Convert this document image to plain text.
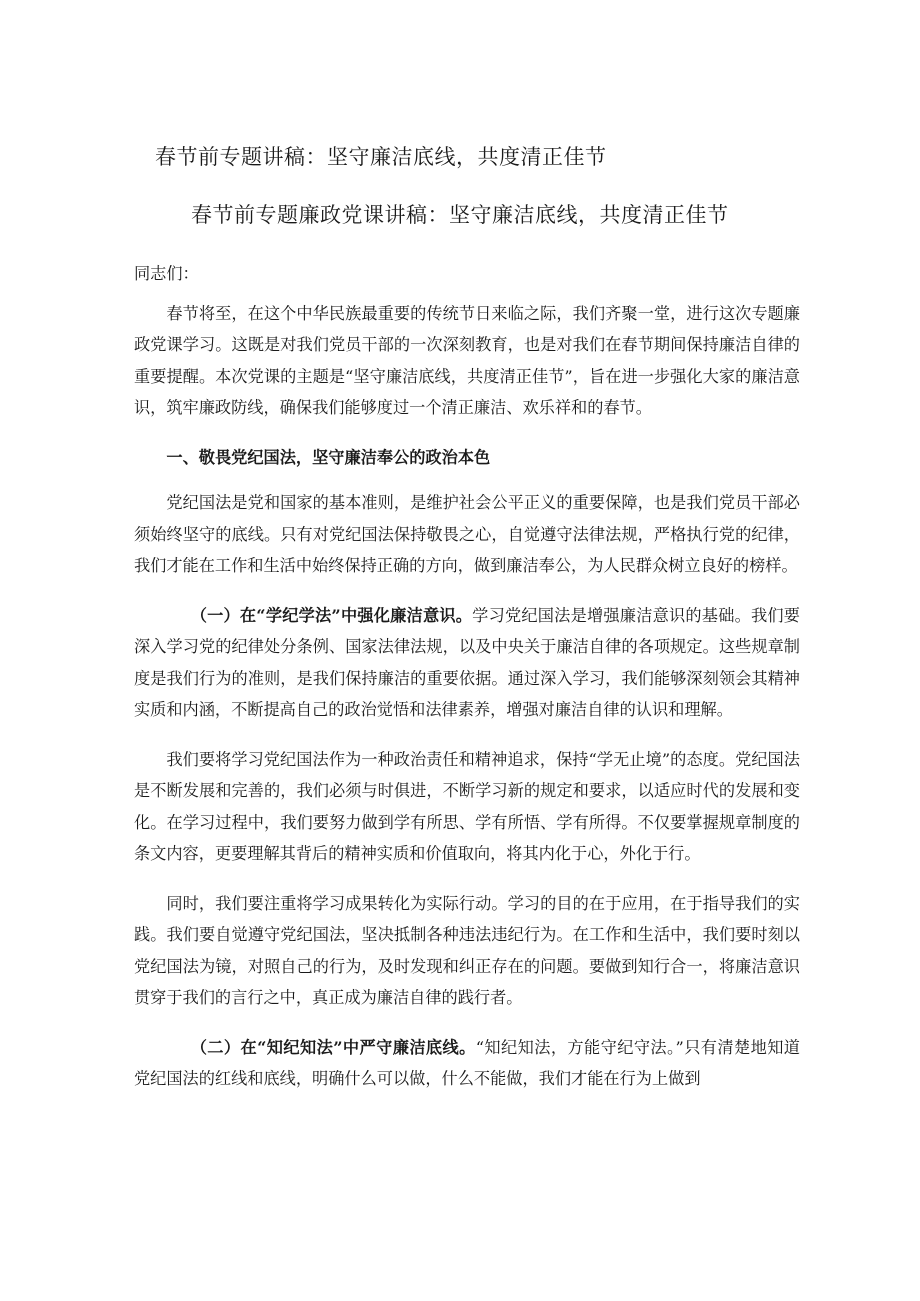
春节前专题讲稿：坚守廉洁底线，共度清正佳节
春节前专题廉政党课讲稿：坚守廉洁底线，共度清正佳节

同志们：

春节将至，在这个中华民族最重要的传统节日来临之际，我们齐聚一堂，进行这次专题廉政党课学习。这既是对我们党员干部的一次深刻教育，也是对我们在春节期间保持廉洁自律的重要提醒。本次党课的主题是“坚守廉洁底线，共度清正佳节”，旨在进一步强化大家的廉洁意识，筑牢廉政防线，确保我们能够度过一个清正廉洁、欢乐祥和的春节。

一、敬畏党纪国法，坚守廉洁奉公的政治本色

党纪国法是党和国家的基本准则，是维护社会公平正义的重要保障，也是我们党员干部必须始终坚守的底线。只有对党纪国法保持敬畏之心，自觉遵守法律法规，严格执行党的纪律，我们才能在工作和生活中始终保持正确的方向，做到廉洁奉公，为人民群众树立良好的榜样。

（一）在“学纪学法”中强化廉洁意识。学习党纪国法是增强廉洁意识的基础。我们要深入学习党的纪律处分条例、国家法律法规，以及中央关于廉洁自律的各项规定。这些规章制度是我们行为的准则，是我们保持廉洁的重要依据。通过深入学习，我们能够深刻领会其精神实质和内涵，不断提高自己的政治觉悟和法律素养，增强对廉洁自律的认识和理解。

我们要将学习党纪国法作为一种政治责任和精神追求，保持“学无止境”的态度。党纪国法是不断发展和完善的，我们必须与时俱进，不断学习新的规定和要求，以适应时代的发展和变化。在学习过程中，我们要努力做到学有所思、学有所悟、学有所得。不仅要掌握规章制度的条文内容，更要理解其背后的精神实质和价值取向，将其内化于心，外化于行。

同时，我们要注重将学习成果转化为实际行动。学习的目的在于应用，在于指导我们的实践。我们要自觉遵守党纪国法，坚决抵制各种违法违纪行为。在工作和生活中，我们要时刻以党纪国法为镜，对照自己的行为，及时发现和纠正存在的问题。要做到知行合一，将廉洁意识贯穿于我们的言行之中，真正成为廉洁自律的践行者。

（二）在“知纪知法”中严守廉洁底线。“知纪知法，方能守纪守法。”只有清楚地知道党纪国法的红线和底线，明确什么可以做，什么不能做，我们才能在行为上做到
